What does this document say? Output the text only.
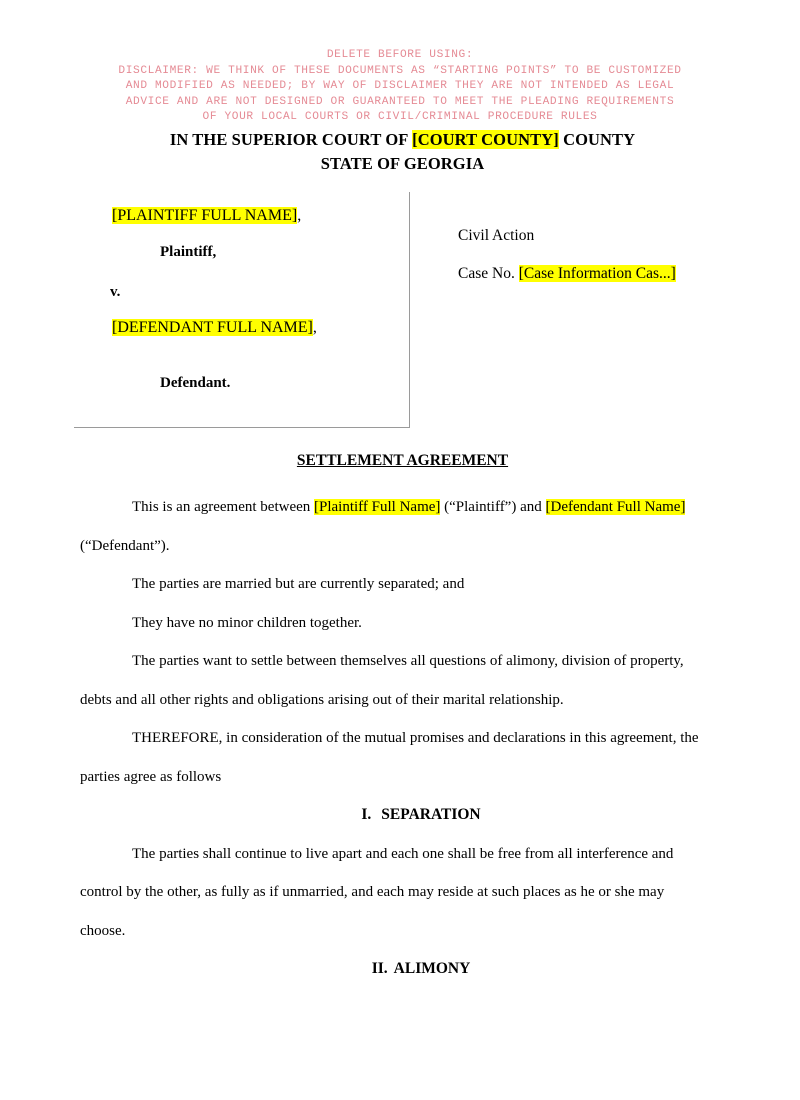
DELETE BEFORE USING:
DISCLAIMER: WE THINK OF THESE DOCUMENTS AS “STARTING POINTS” TO BE CUSTOMIZED
AND MODIFIED AS NEEDED; BY WAY OF DISCLAIMER THEY ARE NOT INTENDED AS LEGAL
ADVICE AND ARE NOT DESIGNED OR GUARANTEED TO MEET THE PLEADING REQUIREMENTS
OF YOUR LOCAL COURTS OR CIVIL/CRIMINAL PROCEDURE RULES
IN THE SUPERIOR COURT OF [COURT COUNTY] COUNTY
STATE OF GEORGIA
[PLAINTIFF FULL NAME],
Plaintiff,
v.
[DEFENDANT FULL NAME],
Defendant.
Civil Action
Case No. [Case Information Cas...]
SETTLEMENT AGREEMENT

This is an agreement between [Plaintiff Full Name] (“Plaintiff”) and [Defendant Full Name] (“Defendant”).

The parties are married but are currently separated; and

They have no minor children together.

The parties want to settle between themselves all questions of alimony, division of property, debts and all other rights and obligations arising out of their marital relationship.

THEREFORE, in consideration of the mutual promises and declarations in this agreement, the parties agree as follows

I. SEPARATION

The parties shall continue to live apart and each one shall be free from all interference and control by the other, as fully as if unmarried, and each may reside at such places as he or she may choose.

II. ALIMONY
